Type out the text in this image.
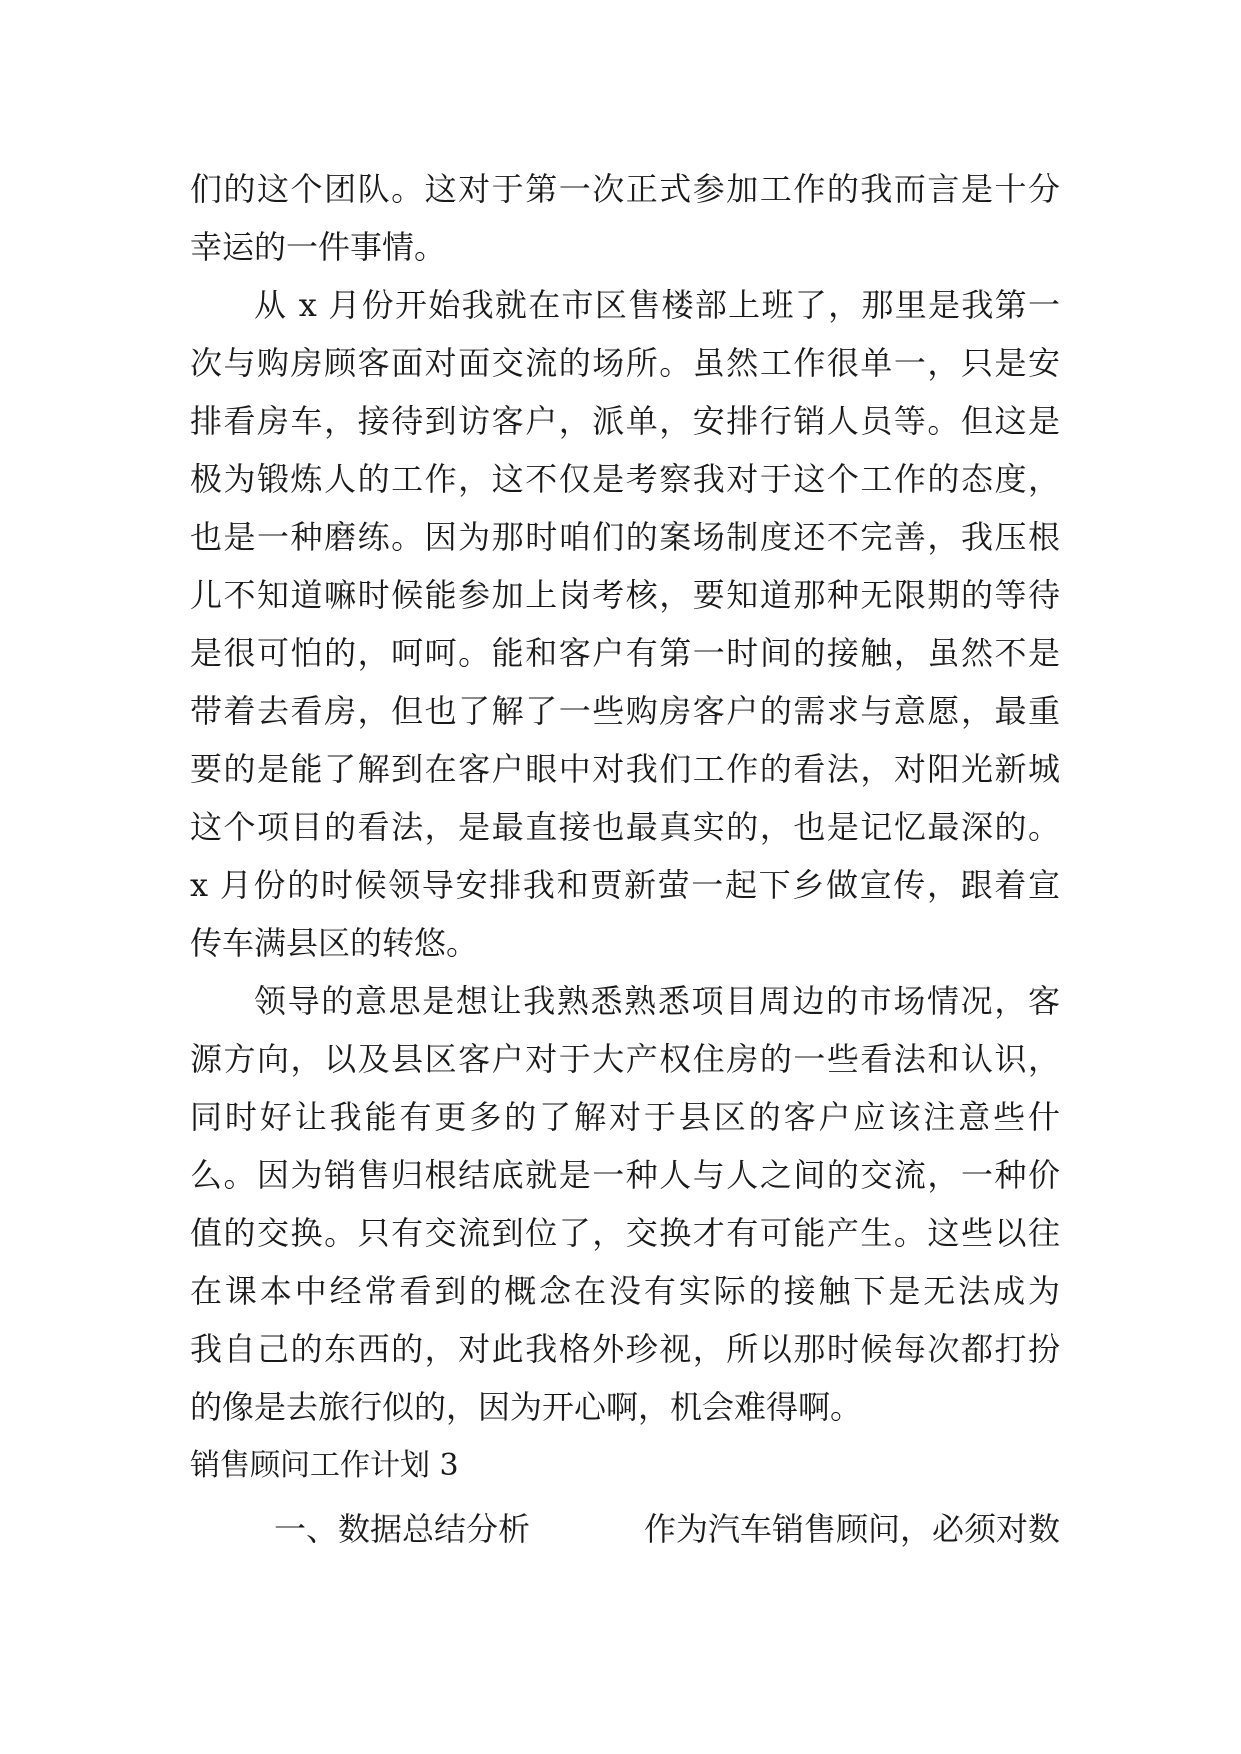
们的这个团队。这对于第一次正式参加工作的我而言是十分
幸运的一件事情。
从 x 月份开始我就在市区售楼部上班了，那里是我第一
次与购房顾客面对面交流的场所。虽然工作很单一，只是安
排看房车，接待到访客户，派单，安排行销人员等。但这是
极为锻炼人的工作，这不仅是考察我对于这个工作的态度，
也是一种磨练。因为那时咱们的案场制度还不完善，我压根
儿不知道嘛时候能参加上岗考核，要知道那种无限期的等待
是很可怕的，呵呵。能和客户有第一时间的接触，虽然不是
带着去看房，但也了解了一些购房客户的需求与意愿，最重
要的是能了解到在客户眼中对我们工作的看法，对阳光新城
这个项目的看法，是最直接也最真实的，也是记忆最深的。
x 月份的时候领导安排我和贾新萤一起下乡做宣传，跟着宣
传车满县区的转悠。
领导的意思是想让我熟悉熟悉项目周边的市场情况，客
源方向，以及县区客户对于大产权住房的一些看法和认识，
同时好让我能有更多的了解对于县区的客户应该注意些什
么。因为销售归根结底就是一种人与人之间的交流，一种价
值的交换。只有交流到位了，交换才有可能产生。这些以往
在课本中经常看到的概念在没有实际的接触下是无法成为
我自己的东西的，对此我格外珍视，所以那时候每次都打扮
的像是去旅行似的，因为开心啊，机会难得啊。
销售顾问工作计划 3
一、数据总结分析	作为汽车销售顾问，必须对数
